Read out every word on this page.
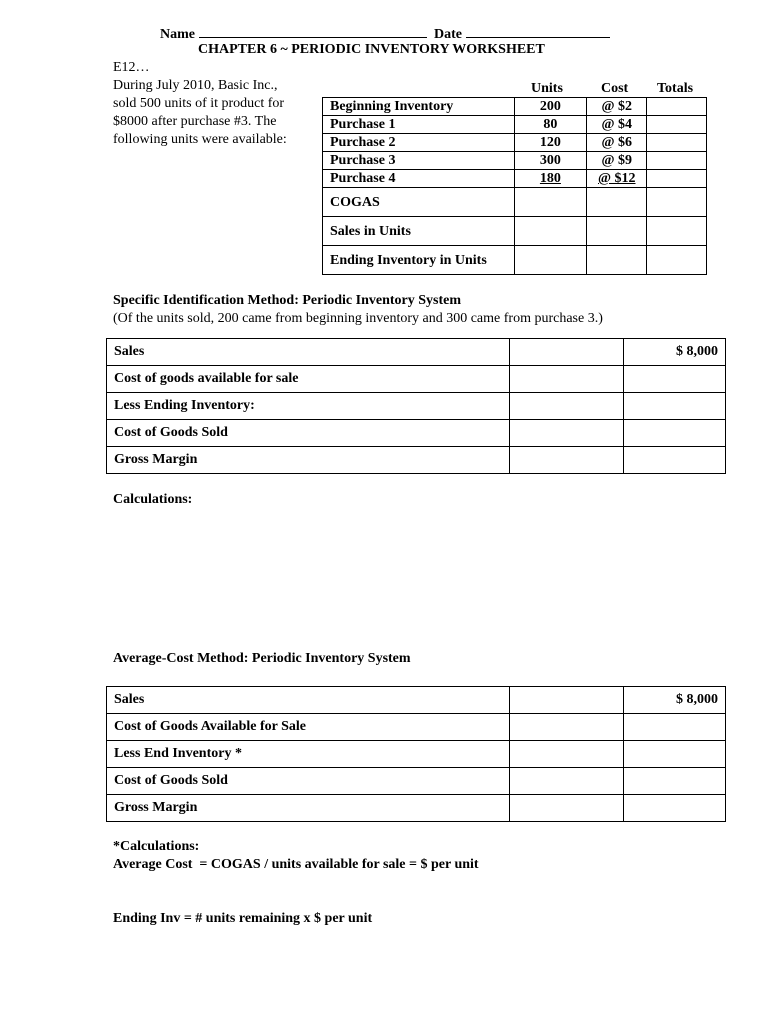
Name	Date
CHAPTER 6 ~ PERIODIC INVENTORY WORKSHEET
E12…
During July 2010, Basic Inc.,
sold 500 units of it product for
$8000 after purchase #3. The
following units were available:
Units	Cost Totals
Beginning Inventory	200	@ $2	
Purchase 1	80	@ $4	
Purchase 2	120	@ $6	
Purchase 3	300	@ $9	
Purchase 4	180	@ $12	
COGAS			
Sales in Units			
Ending Inventory in Units			
Specific Identification Method: Periodic Inventory System
(Of the units sold, 200 came from beginning inventory and 300 came from purchase 3.)
Sales		$ 8,000
Cost of goods available for sale		
Less Ending Inventory:		
Cost of Goods Sold		
Gross Margin		
Calculations:
Average-Cost Method: Periodic Inventory System
Sales		$ 8,000
Cost of Goods Available for Sale		
Less End Inventory *		
Cost of Goods Sold		
Gross Margin		
*Calculations:
Average Cost  = COGAS / units available for sale = $ per unit
Ending Inv = # units remaining x $ per unit
